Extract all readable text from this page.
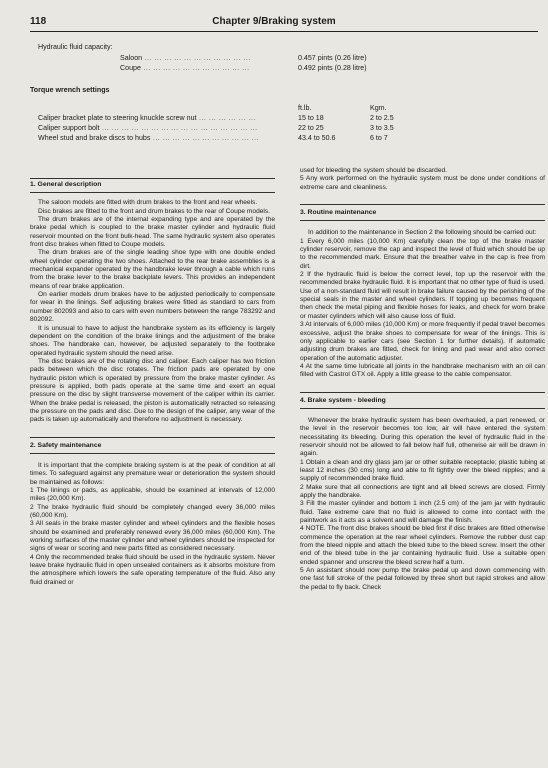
118	Chapter 9/Braking system
Hydraulic fluid capacity:
Saloon ... ... ... ... ... ... ... ... ... ... ...	0.457 pints (0.26 litre)
Coupe ... ... ... ... ... ... ... ... ... ... ...	0.492 pints (0.28 litre)
Torque wrench settings
ft.lb.	Kgm.
Caliper bracket plate to steering knuckle screw nut ... ... ... ... ... ...	15 to 18	2 to 2.5
Caliper support bolt ... ... ... ... ... ... ... ... ... ... ... ... ... ... ... ...	22 to 25	3 to 3.5
Wheel stud and brake discs to hubs ... ... ... ... ... ... ... ... ... ... ...	43.4 to 50.6	6 to 7
1. General description

The saloon models are fitted with drum brakes to the front and rear wheels.

Disc brakes are fitted to the front and drum brakes to the rear of Coupe models.

The drum brakes are of the internal expanding type and are operated by the brake pedal which is coupled to the brake master cylinder and hydraulic fluid reservoir mounted on the front bulk-head. The same hydraulic system also operates front disc brakes when fitted to Coupe models.

The drum brakes are of the single leading shoe type with one double ended wheel cylinder operating the two shoes. Attached to the rear brake assemblies is a mechanical expander operated by the handbrake lever through a cable which runs from the brake lever to the brake backplate levers. This provides an independent means of rear brake application.

On earlier models drum brakes have to be adjusted periodically to compensate for wear in the linings. Self adjusting brakes were fitted as standard to cars from number 802093 and also to cars with even numbers between the range 783292 and 802092.

It is unusual to have to adjust the handbrake system as its efficiency is largely dependent on the condition of the brake linings and the adjustment of the brake shoes. The handbrake can, however, be adjusted separately to the footbrake operated hydraulic system should the need arise.

The disc brakes are of the rotating disc and caliper. Each caliper has two friction pads between which the disc rotates. The friction pads are operated by one hydraulic piston which is operated by pressure from the brake master cylinder. As pressure is applied, both pads operate at the same time and exert an equal pressure on the disc by slight transverse movement of the caliper within its carrier. When the brake pedal is released, the piston is automatically retracted so releasing the pressure on the pads and disc. Due to the design of the caliper, any wear of the pads is taken up automatically and therefore no adjustment is necessary.

2. Safety maintenance

It is important that the complete braking system is at the peak of condition at all times. To safeguard against any premature wear or deterioration the system should be maintained as follows:

1 The linings or pads, as applicable, should be examined at intervals of 12,000 miles (20,000 Km).

2 The brake hydraulic fluid should be completely changed every 36,000 miles (60,000 Km).

3 All seals in the brake master cylinder and wheel cylinders and the flexible hoses should be examined and preferably renewed every 36,000 miles (60,000 Km). The working surfaces of the master cylinder and wheel cylinders should be inspected for signs of wear or scoring and new parts fitted as considered necessary.

4 Only the recommended brake fluid should be used in the hydraulic system. Never leave brake hydraulic fluid in open unsealed containers as it absorbs moisture from the atmosphere which lowers the safe operating temperature of the fluid. Also any fluid drained or

used for bleeding the system should be discarded.

5 Any work performed on the hydraulic system must be done under conditions of extreme care and cleanliness.

3. Routine maintenance

In addition to the maintenance in Section 2 the following should be carried out:

1 Every 6,000 miles (10,000 Km) carefully clean the top of the brake master cylinder reservoir, remove the cap and inspect the level of fluid which should be up to the recommended mark. Ensure that the breather valve in the cap is free from dirt.

2 If the hydraulic fluid is below the correct level, top up the reservoir with the recommended brake hydraulic fluid. It is important that no other type of fluid is used. Use of a non-standard fluid will result in brake failure caused by the perishing of the special seals in the master and wheel cylinders. If topping up becomes frequent then check the metal piping and flexible hoses for leaks, and check for worn brake or master cylinders which will also cause loss of fluid.

3 At intervals of 6,000 miles (10,000 Km) or more frequently if pedal travel becomes excessive, adjust the brake shoes to compensate for wear of the linings. This is only applicable to earlier cars (see Section 1 for further details). If automatic adjusting drum brakes are fitted, check for lining and pad wear and also correct operation of the automatic adjuster.

4 At the same time lubricate all joints in the handbrake mechanism with an oil can filled with Castrol GTX oil. Apply a little grease to the cable compensator.

4. Brake system - bleeding

Whenever the brake hydraulic system has been overhauled, a part renewed, or the level in the reservoir becomes too low, air will have entered the system necessitating its bleeding. During this operation the level of hydraulic fluid in the reservoir should not be allowed to fall below half full, otherwise air will be drawn in again.

1 Obtain a clean and dry glass jam jar or other suitable receptacle; plastic tubing at least 12 inches (30 cms) long and able to fit tightly over the bleed nipples; and a supply of recommended brake fluid.

2 Make sure that all connections are tight and all bleed screws are closed. Firmly apply the handbrake.

3 Fill the master cylinder and bottom 1 inch (2.5 cm) of the jam jar with hydraulic fluid. Take extreme care that no fluid is allowed to come into contact with the paintwork as it acts as a solvent and will damage the finish.

4 NOTE. The front disc brakes should be bled first if disc brakes are fitted otherwise commence the operation at the rear wheel cylinders. Remove the rubber dust cap from the bleed nipple and attach the bleed tube to the bleed screw. Insert the other end of the bleed tube in the jar containing hydraulic fluid. Use a suitable open ended spanner and unscrew the bleed screw half a turn.

5 An assistant should now pump the brake pedal up and down commencing with one fast full stroke of the pedal followed by three short but rapid strokes and allow the pedal to fly back. Check
